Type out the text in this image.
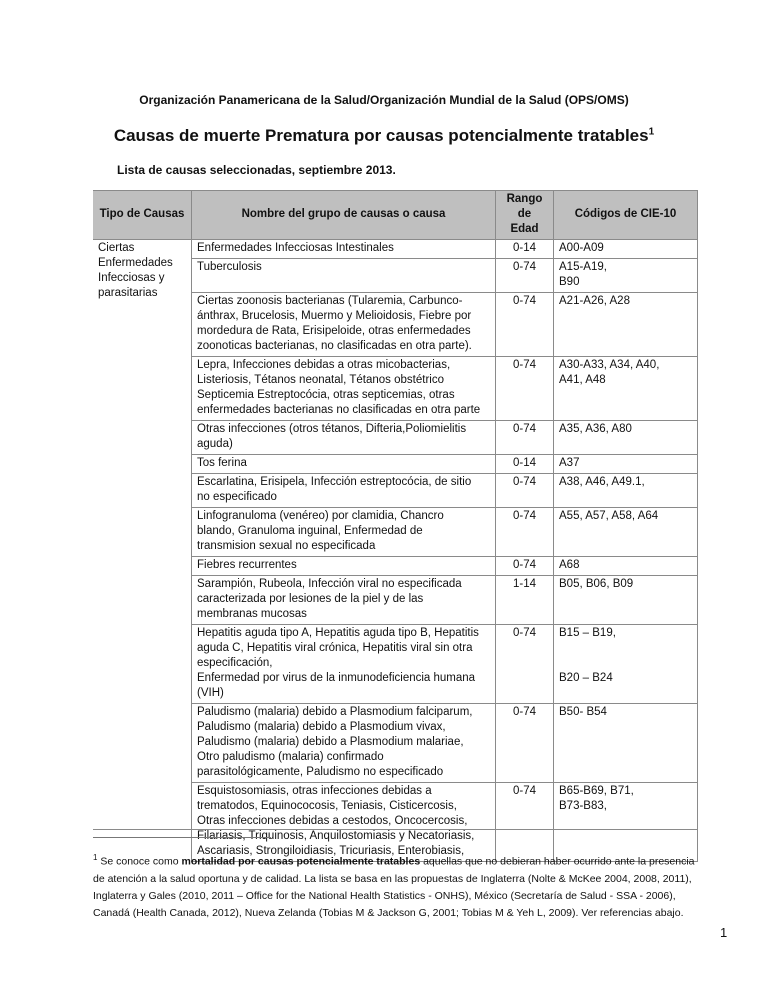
Organización Panamericana de la Salud/Organización Mundial de la Salud (OPS/OMS)
Causas de muerte Prematura por causas potencialmente tratables$^1$
Lista de causas seleccionadas, septiembre 2013.
Tipo de Causas	Nombre del grupo de causas o causa	Rango de
Edad	Códigos de CIE-10
Ciertas
Enfermedades
Infecciosas y
parasitarias	Enfermedades Infecciosas Intestinales	0-14	A00-A09
	Tuberculosis	0-74	A15-A19,
B90
	Ciertas zoonosis bacterianas (Tularemia, Carbunco-
ánthrax, Brucelosis, Muermo y Melioidosis, Fiebre por
mordedura de Rata, Erisipeloide, otras enfermedades
zoonoticas bacterianas, no clasificadas en otra parte).	0-74	A21-A26, A28
	Lepra, Infecciones debidas a otras micobacterias,
Listeriosis, Tétanos neonatal, Tétanos obstétrico
Septicemia Estreptocócia, otras septicemias, otras
enfermedades bacterianas no clasificadas en otra parte	0-74	A30-A33, A34, A40,
A41, A48
	Otras infecciones (otros tétanos, Difteria,Poliomielitis
aguda)	0-74	A35, A36, A80
	Tos ferina	0-14	A37
	Escarlatina, Erisipela, Infección estreptocócia, de sitio
no especificado	0-74	A38, A46, A49.1,
	Linfogranuloma (venéreo) por clamidia, Chancro
blando, Granuloma inguinal, Enfermedad de
transmision sexual no especificada	0-74	A55, A57, A58, A64
	Fiebres recurrentes	0-74	A68
	Sarampión, Rubeola, Infección viral no especificada
caracterizada por lesiones de la piel y de las
membranas mucosas	1-14	B05, B06, B09
	Hepatitis aguda tipo A, Hepatitis aguda tipo B, Hepatitis
aguda C, Hepatitis viral crónica, Hepatitis viral sin otra
especificación,
Enfermedad por virus de la inmunodeficiencia humana
(VIH)	0-74	B15 – B19,

B20 – B24
	Paludismo (malaria) debido a Plasmodium falciparum,
Paludismo (malaria) debido a Plasmodium vivax,
Paludismo (malaria) debido a Plasmodium malariae,
Otro paludismo (malaria) confirmado
parasitológicamente, Paludismo no especificado	0-74	B50- B54
	Esquistosomiasis, otras infecciones debidas a
trematodos, Equinococosis, Teniasis, Cisticercosis,
Otras infecciones debidas a cestodos, Oncocercosis,
Filariasis, Triquinosis, Anquilostomiasis y Necatoriasis,
Ascariasis, Strongiloidiasis, Tricuriasis, Enterobiasis,	0-74	B65-B69, B71,
B73-B83,
$^1$ Se conoce como mortalidad por causas potencialmente tratables aquellas que no debieran haber ocurrido ante la presencia de atención a la salud oportuna y de calidad. La lista se basa en las propuestas de Inglaterra (Nolte & McKee 2004, 2008, 2011), Inglaterra y Gales (2010, 2011 – Office for the National Health Statistics - ONHS), México (Secretaría de Salud - SSA - 2006), Canadá (Health Canada, 2012), Nueva Zelanda (Tobias M & Jackson G, 2001; Tobias M & Yeh L, 2009). Ver referencias abajo.
1
